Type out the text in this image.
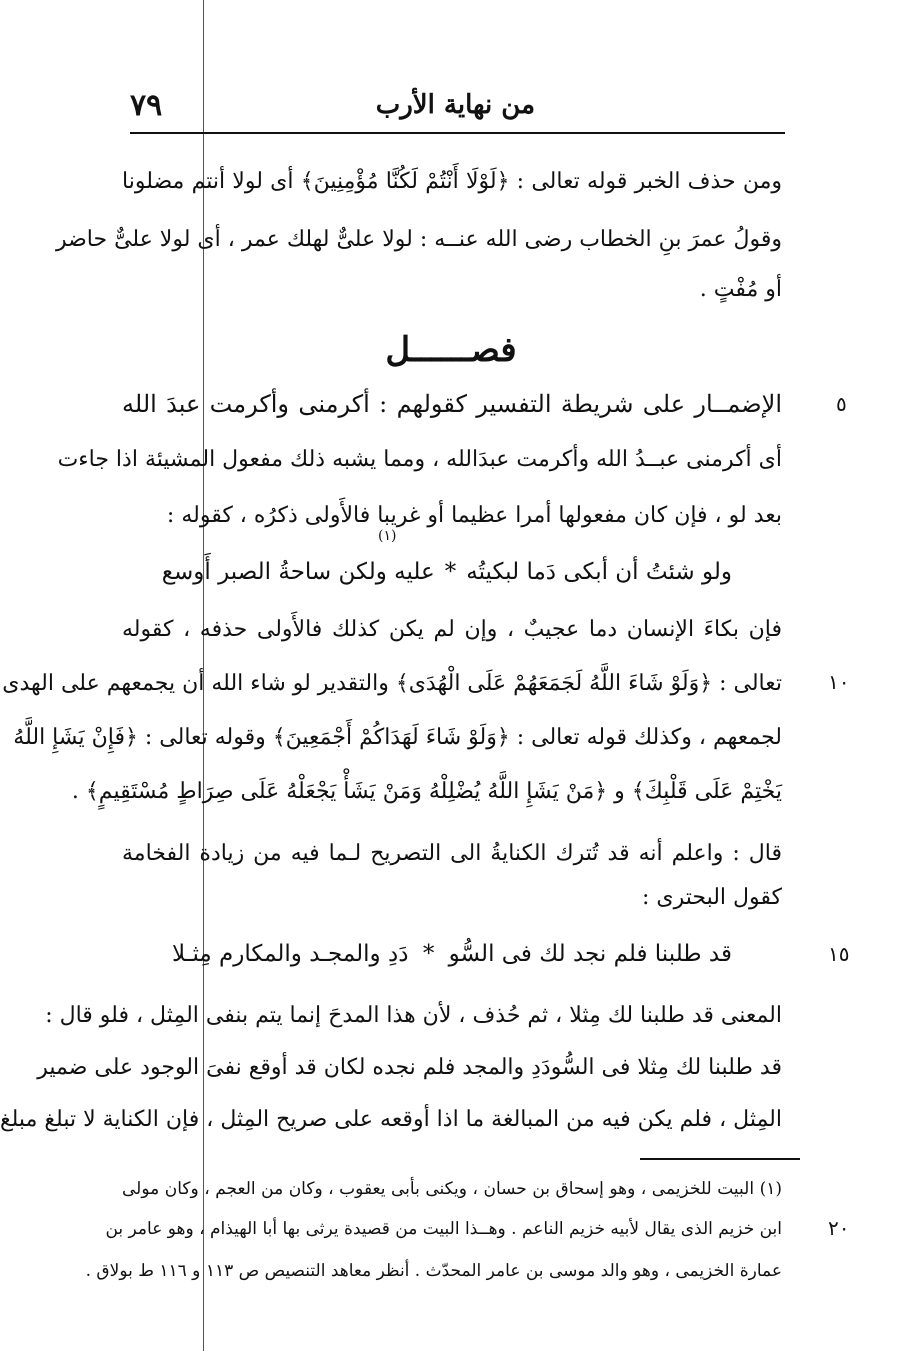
٧٩	من نهاية الأرب
ومن حذف الخبر قوله تعالى : ﴿لَوْلَا أَنْتُمْ لَكُنَّا مُؤْمِنِينَ﴾ أى لولا أنتم مضلونا
وقولُ عمرَ بنِ الخطاب رضى الله عنــه : لولا علىٌّ لهلك عمر ، أى لولا علىٌّ حاضر
أو مُفْتٍ .
فصــــــل
الإضمــار على شريطة التفسير كقولهم : أكرمنى وأكرمت عبدَ الله	٥
أى أكرمنى عبــدُ الله وأكرمت عبدَالله ، ومما يشبه ذلك مفعول المشيئة اذا جاءت
بعد لو ، فإن كان مفعولها أمرا عظيما أو غريبا فالأَولى ذكرُه ، كقوله :
(١)
ولو شئتُ أن أبكى دَما لبكيتُه
*
عليه ولكن ساحةُ الصبر أَوسع
فإن بكاءَ الإنسان دما عجيبٌ ، وإن لم يكن كذلك فالأَولى حذفه ، كقوله
تعالى : ﴿وَلَوْ شَاءَ اللَّهُ لَجَمَعَهُمْ عَلَى الْهُدَى﴾ والتقدير لو شاء الله أن يجمعهم على الهدى ١٠
لجمعهم ، وكذلك قوله تعالى : ﴿وَلَوْ شَاءَ لَهَدَاكُمْ أَجْمَعِينَ﴾ وقوله تعالى : ﴿فَإِنْ يَشَإِ اللَّهُ
يَخْتِمْ عَلَى قَلْبِكَ﴾ و ﴿مَنْ يَشَإِ اللَّهُ يُضْلِلْهُ وَمَنْ يَشَأْ يَجْعَلْهُ عَلَى صِرَاطٍ مُسْتَقِيمٍ﴾ .
قال : واعلم أنه قد تُترك الكنايةُ الى التصريح لـما فيه من زيادة الفخامة
كقول البحترى :
قد طلبنا فلم نجد لك فى السُّو
*
دَدِ والمجـد والمكارم مِثـلا	١٥
المعنى قد طلبنا لك مِثلا ، ثم حُذف ، لأن هذا المدحَ إنما يتم بنفى المِثل ، فلو قال :
قد طلبنا لك مِثلا فى السُّودَدِ والمجد فلم نجده لكان قد أوقع نفىَ الوجود على ضمير
المِثل ، فلم يكن فيه من المبالغة ما اذا أوقعه على صريح المِثل ، فإن الكناية لا تبلغ مبلغ
(١) البيت للخزيمى ، وهو إسحاق بن حسان ، ويكنى بأبى يعقوب ، وكان من العجم ، وكان مولى
ابن خزيم الذى يقال لأبيه خزيم الناعم . وهــذا البيت من قصيدة يرثى بها أبا الهيذام ، وهو عامر بن ٢٠
عمارة الخزيمى ، وهو والد موسى بن عامر المحدّث . أنظر معاهد التنصيص ص ١١٣ و ١١٦ ط بولاق .
